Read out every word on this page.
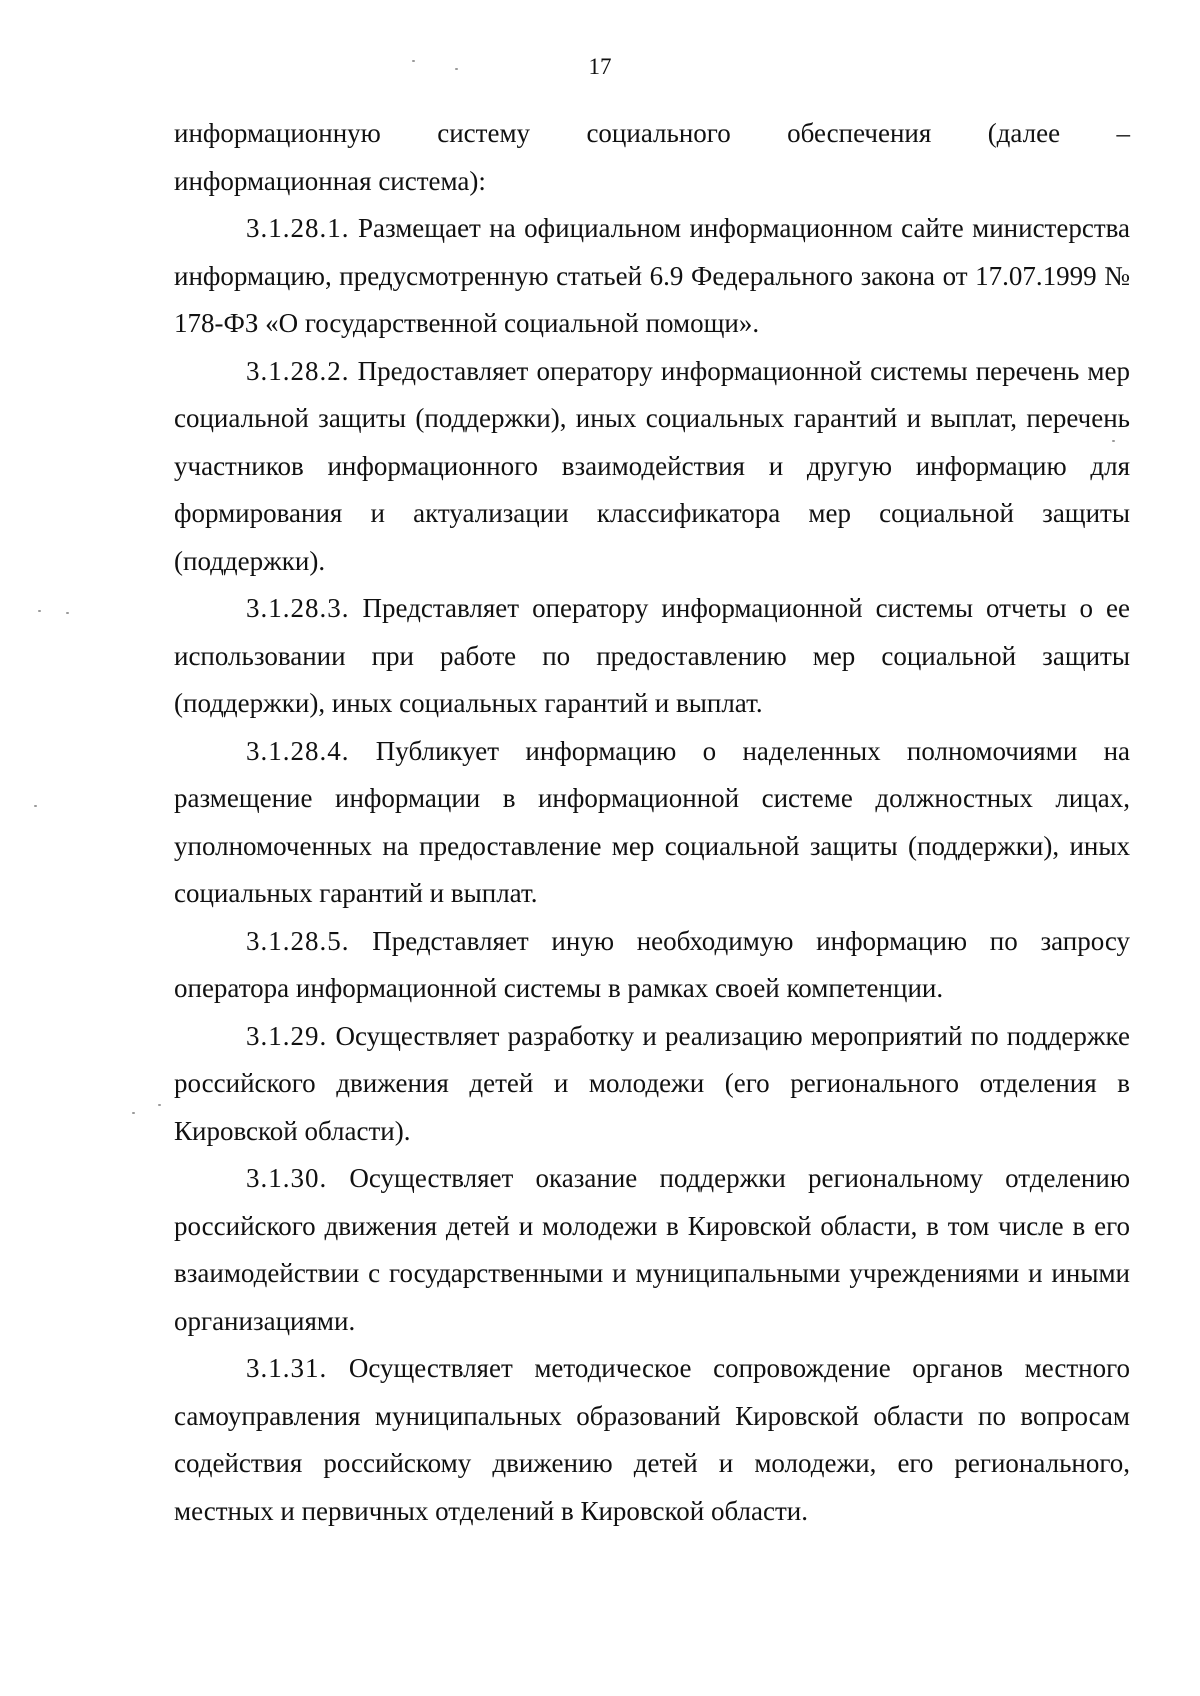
17

информационную систему социального обеспечения (далее –
информационная система):

3.1.28.1. Размещает на официальном информационном сайте министерства информацию, предусмотренную статьей 6.9 Федерального закона от 17.07.1999 № 178-ФЗ «О государственной социальной помощи».

3.1.28.2. Предоставляет оператору информационной системы перечень мер социальной защиты (поддержки), иных социальных гарантий и выплат, перечень участников информационного взаимодействия и другую информацию для формирования и актуализации классификатора мер социальной защиты (поддержки).

3.1.28.3. Представляет оператору информационной системы отчеты о ее использовании при работе по предоставлению мер социальной защиты (поддержки), иных социальных гарантий и выплат.

3.1.28.4. Публикует информацию о наделенных полномочиями на размещение информации в информационной системе должностных лицах, уполномоченных на предоставление мер социальной защиты (поддержки), иных социальных гарантий и выплат.

3.1.28.5. Представляет иную необходимую информацию по запросу оператора информационной системы в рамках своей компетенции.

3.1.29. Осуществляет разработку и реализацию мероприятий по поддержке российского движения детей и молодежи (его регионального отделения в Кировской области).

3.1.30. Осуществляет оказание поддержки региональному отделению российского движения детей и молодежи в Кировской области, в том числе в его взаимодействии с государственными и муниципальными учреждениями и иными организациями.

3.1.31. Осуществляет методическое сопровождение органов местного самоуправления муниципальных образований Кировской области по вопросам содействия российскому движению детей и молодежи, его регионального, местных и первичных отделений в Кировской области.
